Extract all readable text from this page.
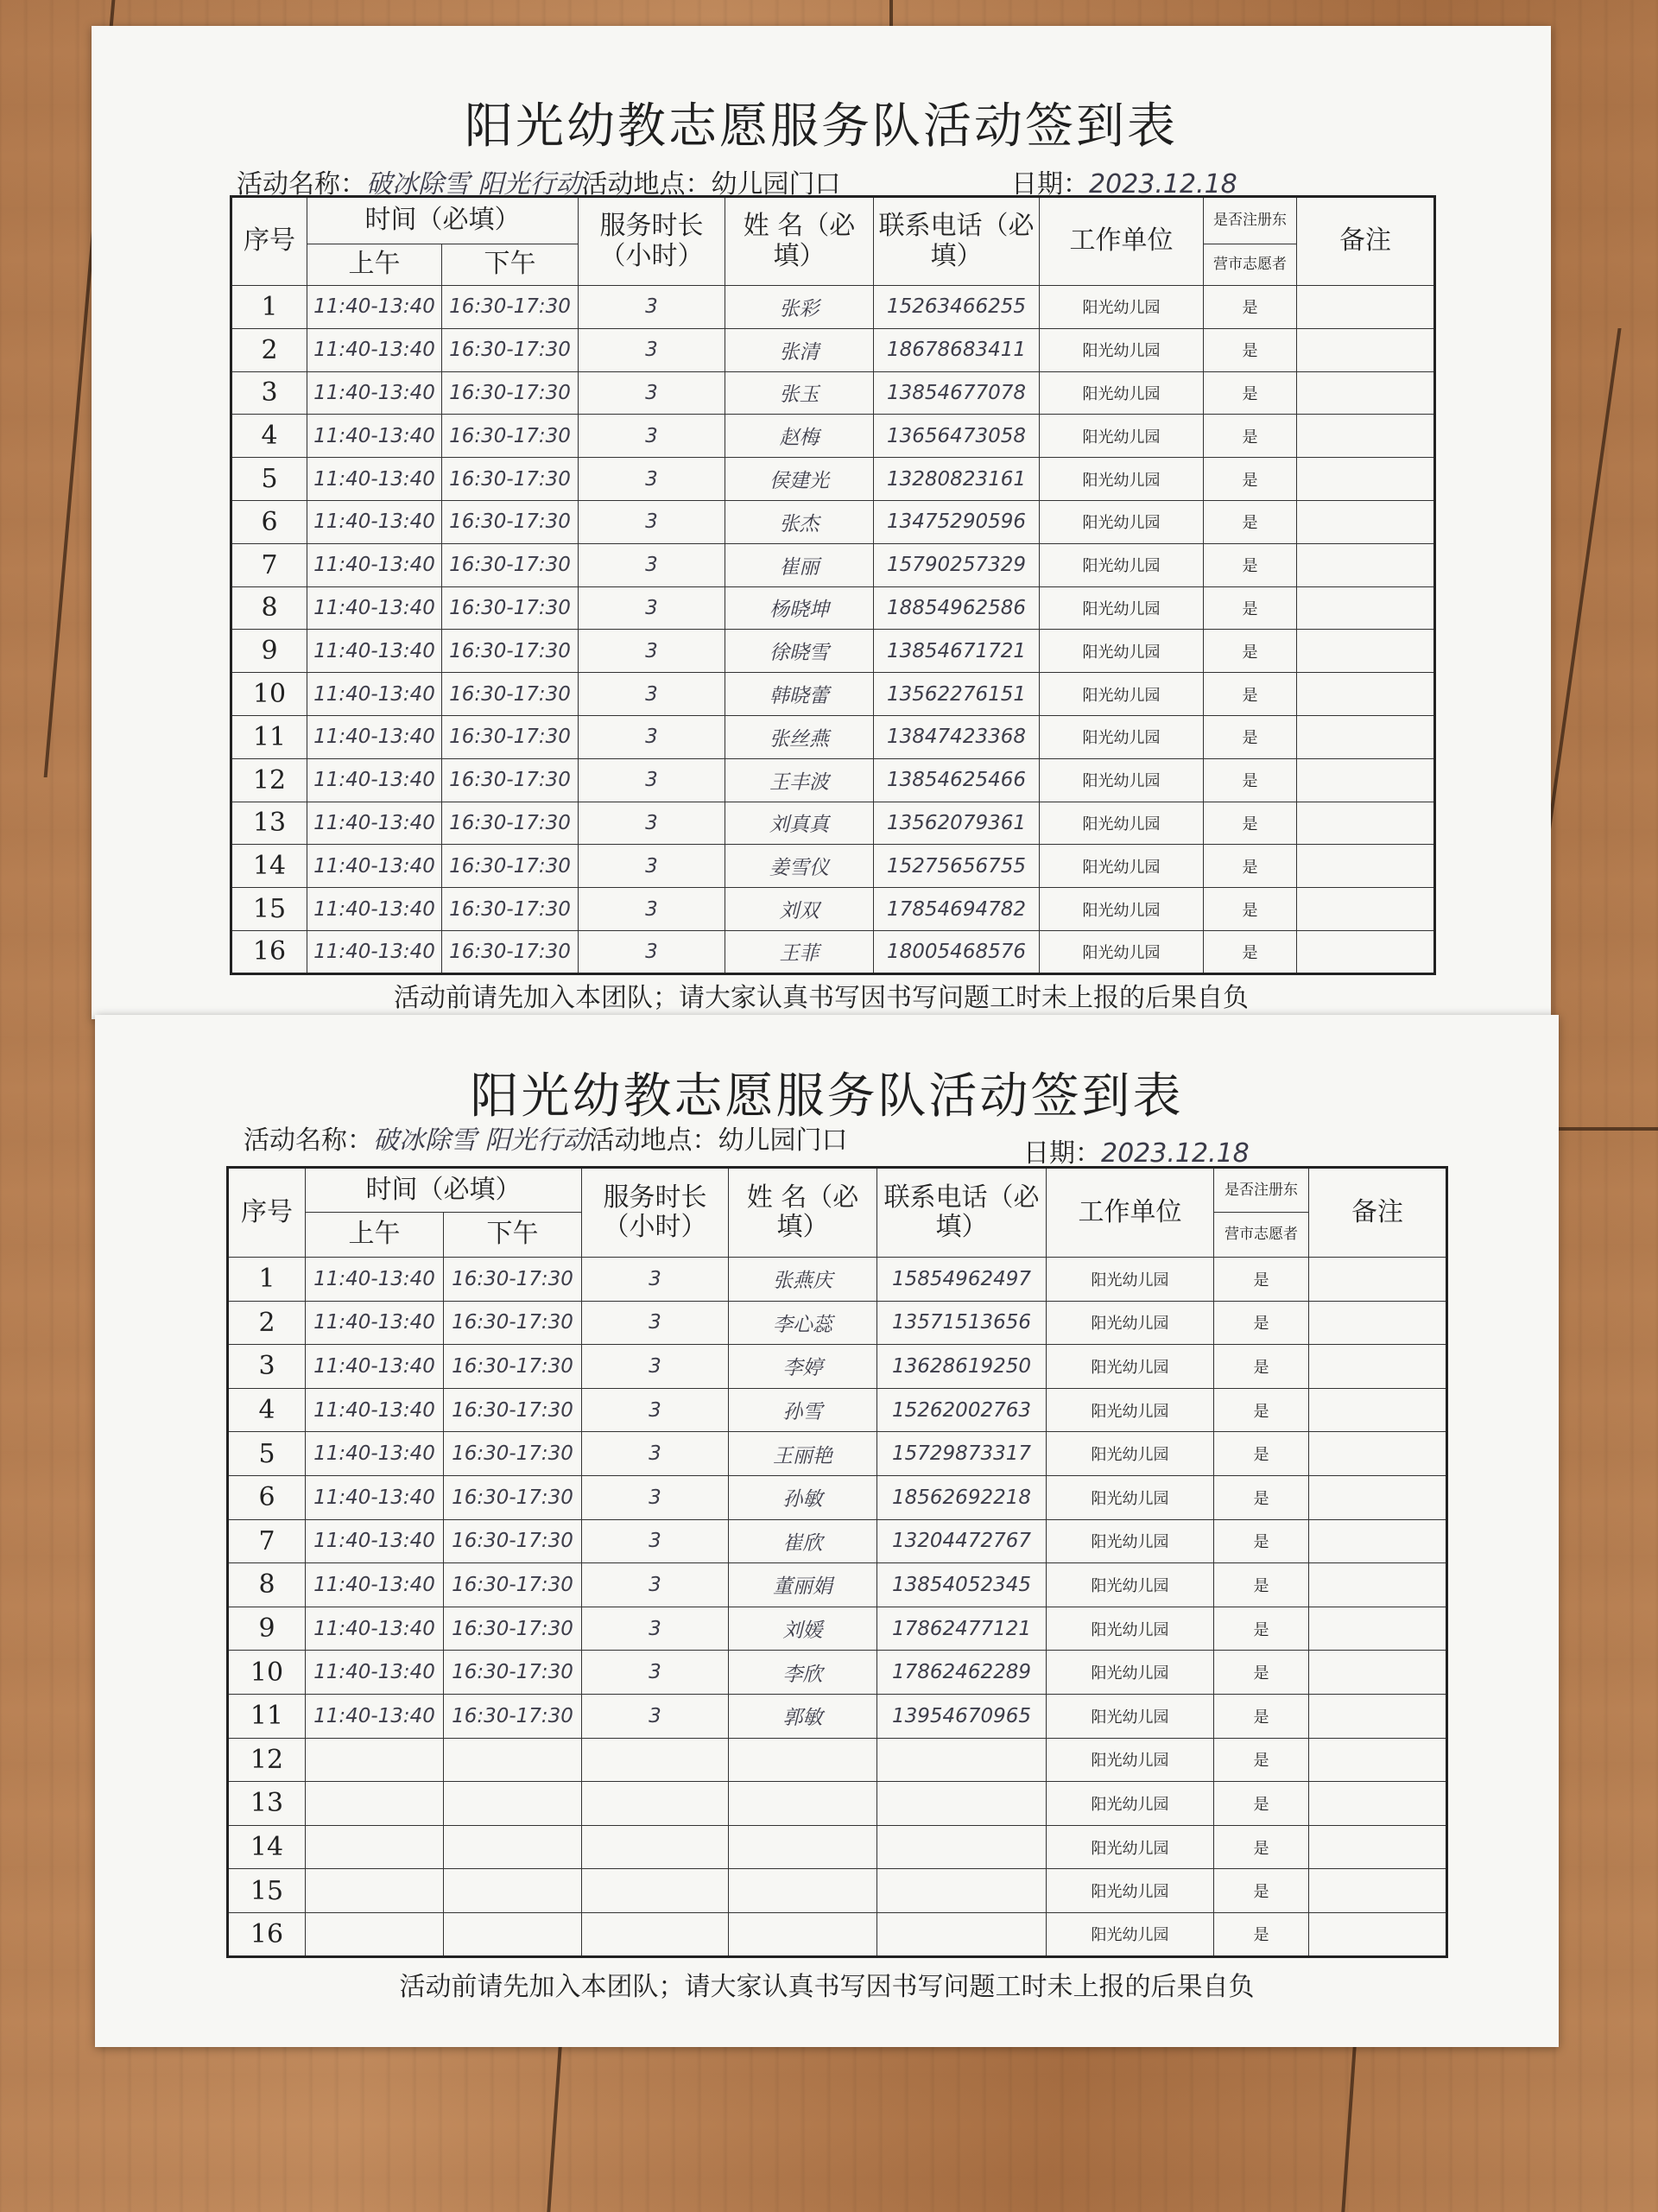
阳光幼教志愿服务队活动签到表
活动名称：破冰除雪 阳光行动活动地点：幼儿园门口	日期：2023.12.18
序号	时间（必填）		服务时长（小时）	姓 名（必填）	联系电话（必填）	工作单位	是否注册东	备注
	上午	下午					营市志愿者	
1	11:40-13:40	16:30-17:30	3	张彩	15263466255	阳光幼儿园	是	
2	11:40-13:40	16:30-17:30	3	张清	18678683411	阳光幼儿园	是	
3	11:40-13:40	16:30-17:30	3	张玉	13854677078	阳光幼儿园	是	
4	11:40-13:40	16:30-17:30	3	赵梅	13656473058	阳光幼儿园	是	
5	11:40-13:40	16:30-17:30	3	侯建光	13280823161	阳光幼儿园	是	
6	11:40-13:40	16:30-17:30	3	张杰	13475290596	阳光幼儿园	是	
7	11:40-13:40	16:30-17:30	3	崔丽	15790257329	阳光幼儿园	是	
8	11:40-13:40	16:30-17:30	3	杨晓坤	18854962586	阳光幼儿园	是	
9	11:40-13:40	16:30-17:30	3	徐晓雪	13854671721	阳光幼儿园	是	
10	11:40-13:40	16:30-17:30	3	韩晓蕾	13562276151	阳光幼儿园	是	
11	11:40-13:40	16:30-17:30	3	张丝燕	13847423368	阳光幼儿园	是	
12	11:40-13:40	16:30-17:30	3	王丰波	13854625466	阳光幼儿园	是	
13	11:40-13:40	16:30-17:30	3	刘真真	13562079361	阳光幼儿园	是	
14	11:40-13:40	16:30-17:30	3	姜雪仪	15275656755	阳光幼儿园	是	
15	11:40-13:40	16:30-17:30	3	刘双	17854694782	阳光幼儿园	是	
16	11:40-13:40	16:30-17:30	3	王菲	18005468576	阳光幼儿园	是	
活动前请先加入本团队；请大家认真书写因书写问题工时未上报的后果自负
阳光幼教志愿服务队活动签到表
活动名称：破冰除雪 阳光行动活动地点：幼儿园门口	日期：2023.12.18
序号	时间（必填）		服务时长（小时）	姓 名（必填）	联系电话（必填）	工作单位	是否注册东	备注
	上午	下午					营市志愿者	
1	11:40-13:40	16:30-17:30	3	张燕庆	15854962497	阳光幼儿园	是	
2	11:40-13:40	16:30-17:30	3	李心蕊	13571513656	阳光幼儿园	是	
3	11:40-13:40	16:30-17:30	3	李婷	13628619250	阳光幼儿园	是	
4	11:40-13:40	16:30-17:30	3	孙雪	15262002763	阳光幼儿园	是	
5	11:40-13:40	16:30-17:30	3	王丽艳	15729873317	阳光幼儿园	是	
6	11:40-13:40	16:30-17:30	3	孙敏	18562692218	阳光幼儿园	是	
7	11:40-13:40	16:30-17:30	3	崔欣	13204472767	阳光幼儿园	是	
8	11:40-13:40	16:30-17:30	3	董丽娟	13854052345	阳光幼儿园	是	
9	11:40-13:40	16:30-17:30	3	刘媛	17862477121	阳光幼儿园	是	
10	11:40-13:40	16:30-17:30	3	李欣	17862462289	阳光幼儿园	是	
11	11:40-13:40	16:30-17:30	3	郭敏	13954670965	阳光幼儿园	是	
12						阳光幼儿园	是	
13						阳光幼儿园	是	
14						阳光幼儿园	是	
15						阳光幼儿园	是	
16						阳光幼儿园	是	
活动前请先加入本团队；请大家认真书写因书写问题工时未上报的后果自负
